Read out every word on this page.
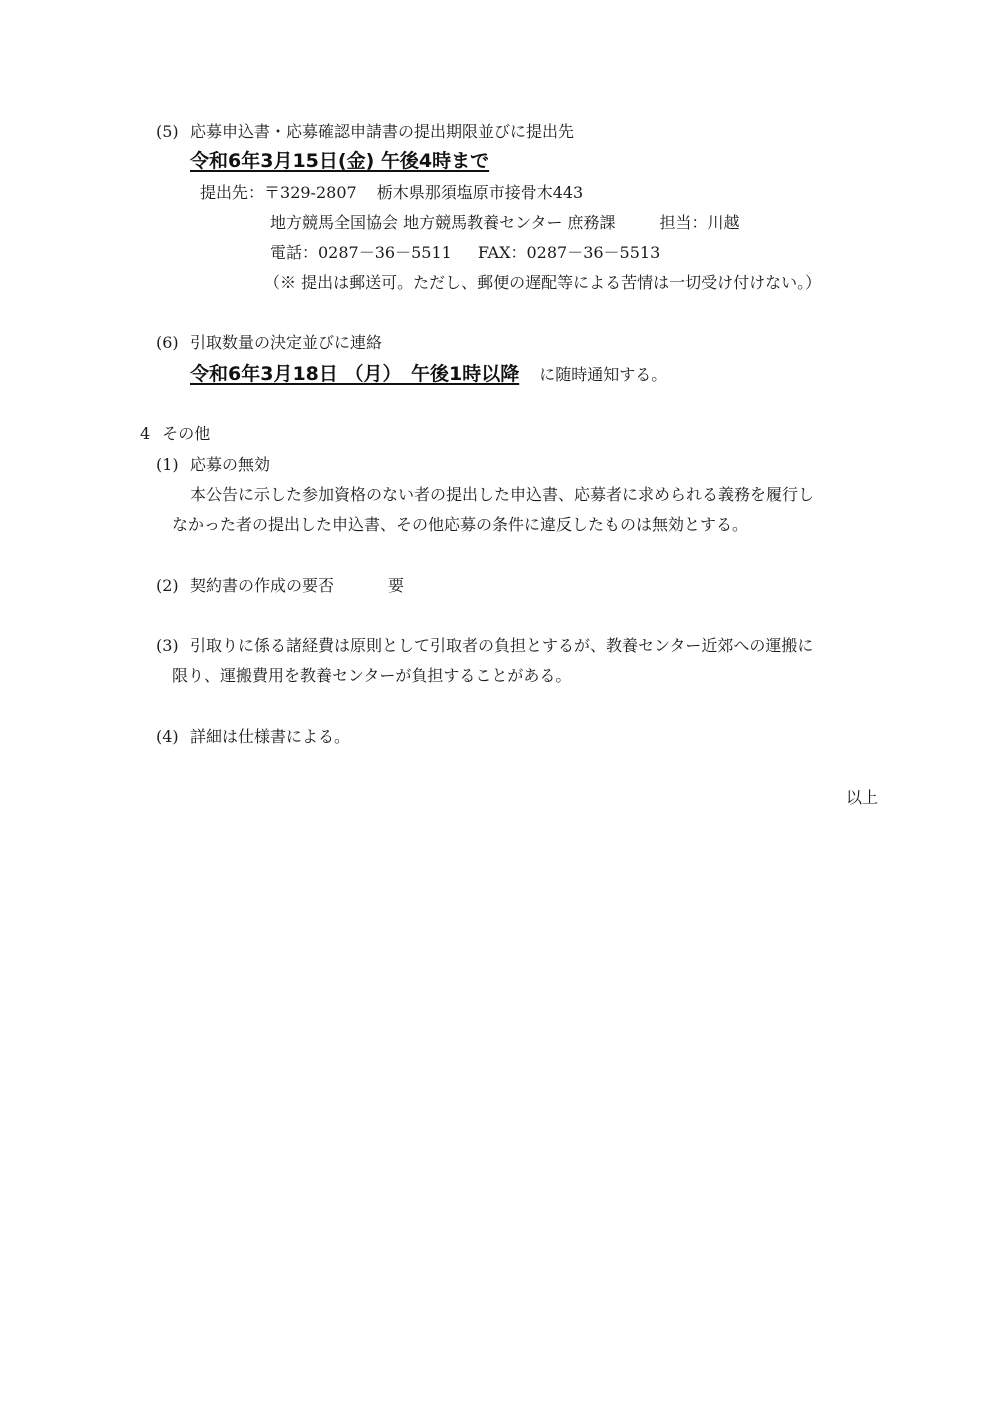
(5) 応募申込書・応募確認申請書の提出期限並びに提出先
令和6年3月15日(金) 午後4時まで
提出先：〒329-2807 栃木県那須塩原市接骨木443
地方競馬全国協会 地方競馬教養センター 庶務課	担当：川越
電話：0287－36－5511 FAX：0287－36－5513
（※ 提出は郵送可。ただし、郵便の遅配等による苦情は一切受け付けない。）
(6) 引取数量の決定並びに連絡
令和6年3月18日 （月）　午後1時以降 に随時通知する。
4 その他
(1) 応募の無効
本公告に示した参加資格のない者の提出した申込書、応募者に求められる義務を履行し
なかった者の提出した申込書、その他応募の条件に違反したものは無効とする。
(2) 契約書の作成の要否	要
(3) 引取りに係る諸経費は原則として引取者の負担とするが、教養センター近郊への運搬に
限り、運搬費用を教養センターが負担することがある。
(4) 詳細は仕様書による。
以上
